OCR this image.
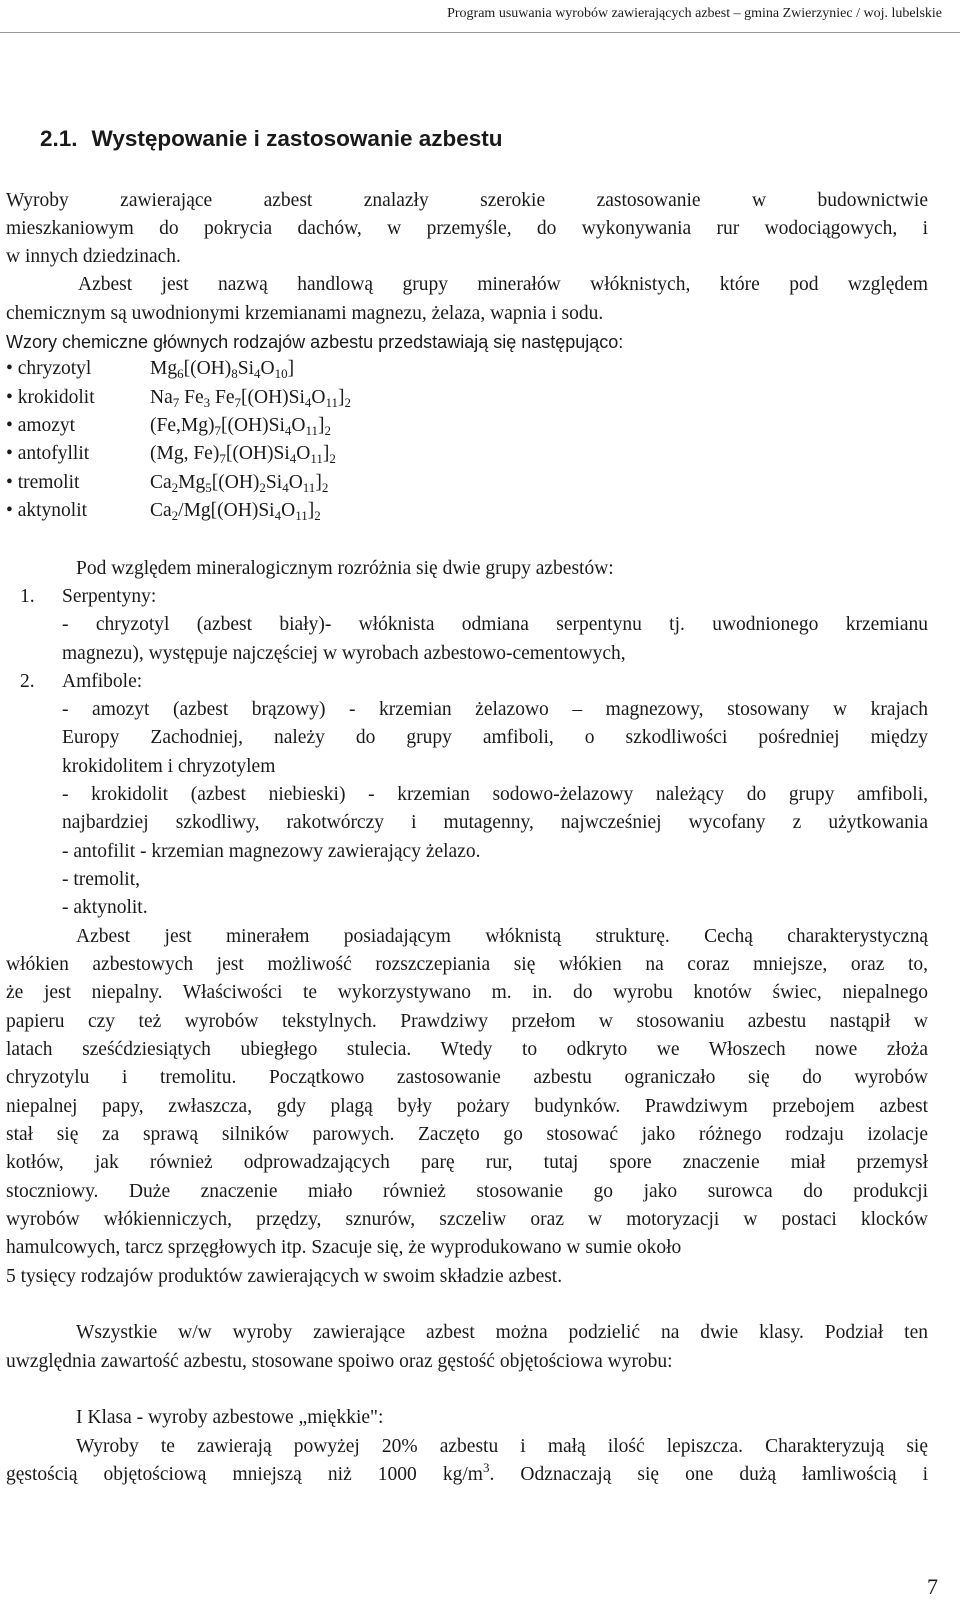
Program usuwania wyrobów zawierających azbest – gmina Zwierzyniec / woj. lubelskie
2.1. Występowanie i zastosowanie azbestu
Wyroby zawierające azbest znalazły szerokie zastosowanie w budownictwie
mieszkaniowym do pokrycia dachów, w przemyśle, do wykonywania rur wodociągowych, i
w innych dziedzinach.
Azbest jest nazwą handlową grupy minerałów włóknistych, które pod względem
chemicznym są uwodnionymi krzemianami magnezu, żelaza, wapnia i sodu.
Wzory chemiczne głównych rodzajów azbestu przedstawiają się następująco:
• chryzotyl	$Mg_6[(OH)_8Si_4O_{10}]$
• krokidolit	$Na_7$ $Fe_3$ $Fe_7[(OH)Si_4O_{11}]_2$
• amozyt	$(Fe,Mg)_7[(OH)Si_4O_{11}]_2$
• antofyllit	(Mg, $Fe)_7[(OH)Si_4O_{11}]_2$
• tremolit	$Ca_2Mg_5[(OH)_2Si_4O_{11}]_2$
• aktynolit	$Ca_2/Mg[(OH)Si_4O_{11}]_2$
Pod względem mineralogicznym rozróżnia się dwie grupy azbestów:
1. Serpentyny:
- chryzotyl (azbest biały)- włóknista odmiana serpentynu tj. uwodnionego krzemianu
magnezu), występuje najczęściej w wyrobach azbestowo-cementowych,
2. Amfibole:
- amozyt (azbest brązowy) - krzemian żelazowo – magnezowy, stosowany w krajach
Europy Zachodniej, należy do grupy amfiboli, o szkodliwości pośredniej między
krokidolitem i chryzotylem
- krokidolit (azbest niebieski) - krzemian sodowo-żelazowy należący do grupy amfiboli,
najbardziej szkodliwy, rakotwórczy i mutagenny, najwcześniej wycofany z użytkowania
- antofilit - krzemian magnezowy zawierający żelazo.
- tremolit,
- aktynolit.
Azbest jest minerałem posiadającym włóknistą strukturę. Cechą charakterystyczną
włókien azbestowych jest możliwość rozszczepiania się włókien na coraz mniejsze, oraz to,
że jest niepalny. Właściwości te wykorzystywano m. in. do wyrobu knotów świec, niepalnego
papieru czy też wyrobów tekstylnych. Prawdziwy przełom w stosowaniu azbestu nastąpił w
latach sześćdziesiątych ubiegłego stulecia. Wtedy to odkryto we Włoszech nowe złoża
chryzotylu i tremolitu. Początkowo zastosowanie azbestu ograniczało się do wyrobów
niepalnej papy, zwłaszcza, gdy plagą były pożary budynków. Prawdziwym przebojem azbest
stał się za sprawą silników parowych. Zaczęto go stosować jako różnego rodzaju izolacje
kotłów, jak również odprowadzających parę rur, tutaj spore znaczenie miał przemysł
stoczniowy. Duże znaczenie miało również stosowanie go jako surowca do produkcji
wyrobów włókienniczych, przędzy, sznurów, szczeliw oraz w motoryzacji w postaci klocków
hamulcowych, tarcz sprzęgłowych itp. Szacuje się, że wyprodukowano w sumie około
5 tysięcy rodzajów produktów zawierających w swoim składzie azbest.
Wszystkie w/w wyroby zawierające azbest można podzielić na dwie klasy. Podział ten
uwzględnia zawartość azbestu, stosowane spoiwo oraz gęstość objętościowa wyrobu:
I Klasa - wyroby azbestowe „miękkie":
Wyroby te zawierają powyżej 20% azbestu i małą ilość lepiszcza. Charakteryzują się
gęstością objętościową mniejszą niż 1000 $kg/m^3$. Odznaczają się one dużą łamliwością i
7
